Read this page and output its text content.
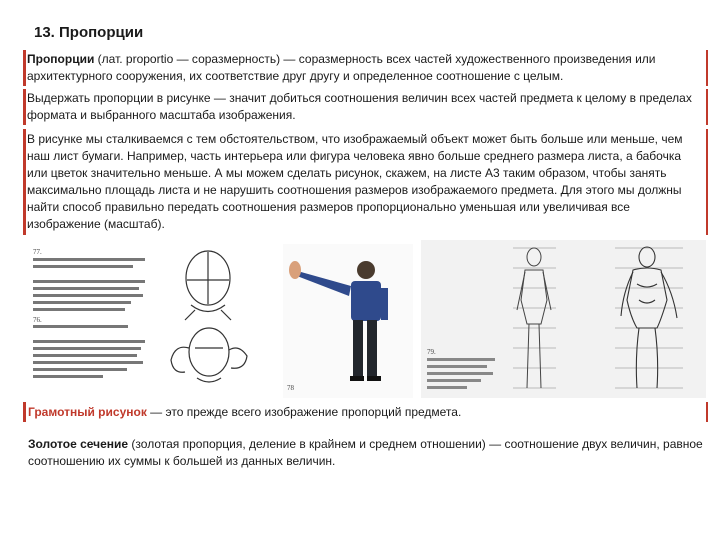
13. Пропорции

Пропорции (лат. proportio — соразмерность) — соразмерность всех частей художественного произведения или архитектурного сооружения, их соответствие друг другу и определенное соотношение с целым.

Выдержать пропорции в рисунке — значит добиться соотношения величин всех частей предмета к целому в пределах формата и выбранного масштаба изображения.

В рисунке мы сталкиваемся с тем обстоятельством, что изображаемый объект может быть больше или меньше, чем наш лист бумаги. Например, часть интерьера или фигура человека явно больше среднего размера листа, а бабочка или цветок значительно меньше. А мы можем сделать рисунок, скажем, на листе А3 таким образом, чтобы занять максимально площадь листа и не нарушить соотношения размеров изображаемого предмета. Для этого мы должны найти способ правильно передать соотношения размеров пропорционально уменьшая или увеличивая все изображение (масштаб).

77.
76.
78
79.

Грамотный рисунок — это прежде всего изображение пропорций предмета.

Золотое сечение (золотая пропорция, деление в крайнем и среднем отношении) — соотношение двух величин, равное соотношению их суммы к большей из данных величин.
